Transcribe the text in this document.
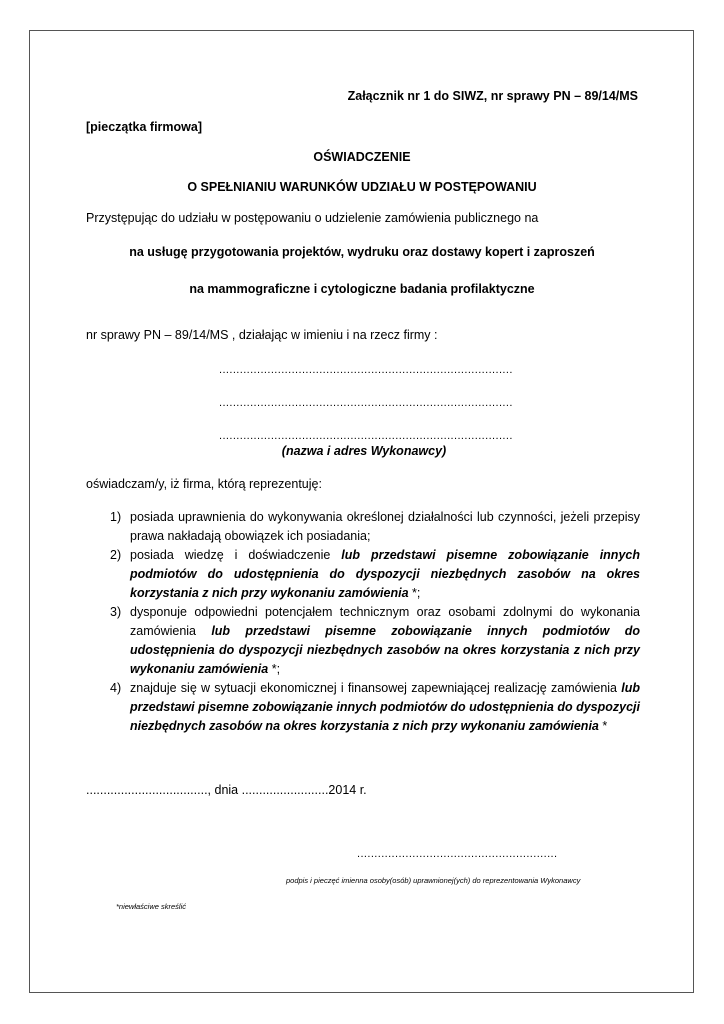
Załącznik nr 1 do SIWZ, nr sprawy PN – 89/14/MS
[pieczątka firmowa]
OŚWIADCZENIE
O SPEŁNIANIU WARUNKÓW UDZIAŁU W POSTĘPOWANIU
Przystępując do udziału w postępowaniu o udzielenie zamówienia publicznego na
na usługę przygotowania projektów, wydruku oraz dostawy kopert i zaproszeń
na mammograficzne i cytologiczne badania profilaktyczne
nr sprawy PN – 89/14/MS , działając w imieniu i na rzecz firmy :
.....................................................................................
.....................................................................................
.....................................................................................
(nazwa i adres Wykonawcy)
oświadczam/y, iż firma, którą reprezentuję:
1) posiada uprawnienia do wykonywania określonej działalności lub czynności, jeżeli przepisy prawa nakładają obowiązek ich posiadania;
2) posiada wiedzę i doświadczenie lub przedstawi pisemne zobowiązanie innych podmiotów do udostępnienia do dyspozycji niezbędnych zasobów na okres korzystania z nich przy wykonaniu zamówienia *;
3) dysponuje odpowiedni potencjałem technicznym oraz osobami zdolnymi do wykonania zamówienia lub przedstawi pisemne zobowiązanie innych podmiotów do udostępnienia do dyspozycji niezbędnych zasobów na okres korzystania z nich przy wykonaniu zamówienia *;
4) znajduje się w sytuacji ekonomicznej i finansowej zapewniającej realizację zamówienia lub przedstawi pisemne zobowiązanie innych podmiotów do udostępnienia do dyspozycji niezbędnych zasobów na okres korzystania z nich przy wykonaniu zamówienia *
..................................., dnia .........................2014 r.
..........................................................
podpis i pieczęć imienna osoby(osób) uprawnionej(ych) do reprezentowania Wykonawcy
*niewłaściwe skreślić
